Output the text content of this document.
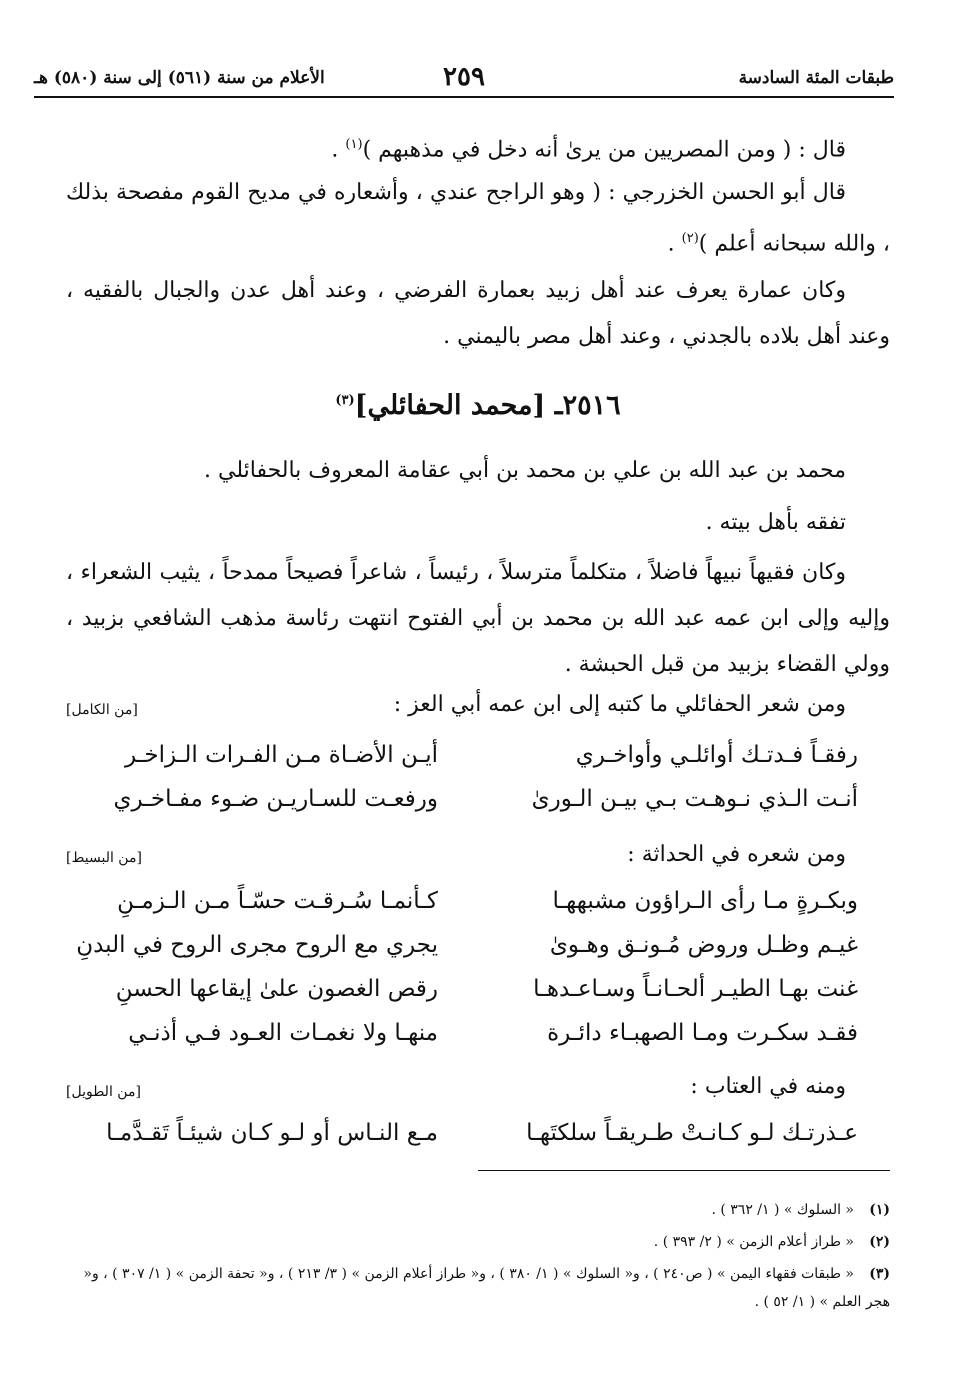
طبقات المئة السادسة
٢٥٩
الأعلام من سنة (٥٦١) إلى سنة (٥٨٠) هـ
قال : ( ومن المصريين من يرىٰ أنه دخل في مذهبهم )$^{(١)}$ .
قال أبو الحسن الخزرجي : ( وهو الراجح عندي ، وأشعاره في مديح القوم مفصحة بذلك ، والله سبحانه أعلم )$^{(٢)}$ .
وكان عمارة يعرف عند أهل زبيد بعمارة الفرضي ، وعند أهل عدن والجبال بالفقيه ، وعند أهل بلاده بالجدني ، وعند أهل مصر باليمني .
٢٥١٦ـ [محمد الحفائلي]$^{(٣)}$
محمد بن عبد الله بن علي بن محمد بن أبي عقامة المعروف بالحفائلي .
تفقه بأهل بيته .
وكان فقيهاً نبيهاً فاضلاً ، متكلماً مترسلاً ، رئيساً ، شاعراً فصيحاً ممدحاً ، يثيب الشعراء ، وإليه وإلى ابن عمه عبد الله بن محمد بن أبي الفتوح انتهت رئاسة مذهب الشافعي بزبيد ، وولي القضاء بزبيد من قبل الحبشة .
ومن شعر الحفائلي ما كتبه إلى ابن عمه أبي العز :
[من الكامل]
رفقـاً فـدتـك أوائلـي وأواخـري
أيـن الأضـاة مـن الفـرات الـزاخـر
أنـت الـذي نـوهـت بـي بيـن الـورىٰ
ورفعـت للسـاريـن ضـوء مفـاخـري
ومن شعره في الحداثة :
[من البسيط]
وبكـرةٍ مـا رأى الـراؤون مشبههـا
كـأنمـا سُـرقـت حسّـاً مـن الـزمـنِ
غيـم وظـل وروض مُـونـق وهـوىٰ
يجري مع الروح مجرى الروح في البدنِ
غنت بهـا الطيـر ألحـانـاً وسـاعـدهـا
رقص الغصون علىٰ إيقاعها الحسنِ
فقـد سكـرت ومـا الصهبـاء دائـرة
منهـا ولا نغمـات العـود فـي أذنـي
ومنه في العتاب :
[من الطويل]
عـذرتـك لـو كـانـتْ طـريقـاً سلكتَهـا
مـع النـاس أو لـو كـان شيئـاً تَقـدَّمـا
(١)« السلوك » ( ١/ ٣٦٢ ) .
(٢)« طراز أعلام الزمن » ( ٢/ ٣٩٣ ) .
(٣)« طبقات فقهاء اليمن » ( ص٢٤٠ ) ، و« السلوك » ( ١/ ٣٨٠ ) ، و« طراز أعلام الزمن » ( ٣/ ٢١٣ ) ، و« تحفة الزمن » ( ١/ ٣٠٧ ) ، و« هجر العلم » ( ١/ ٥٢ ) .
